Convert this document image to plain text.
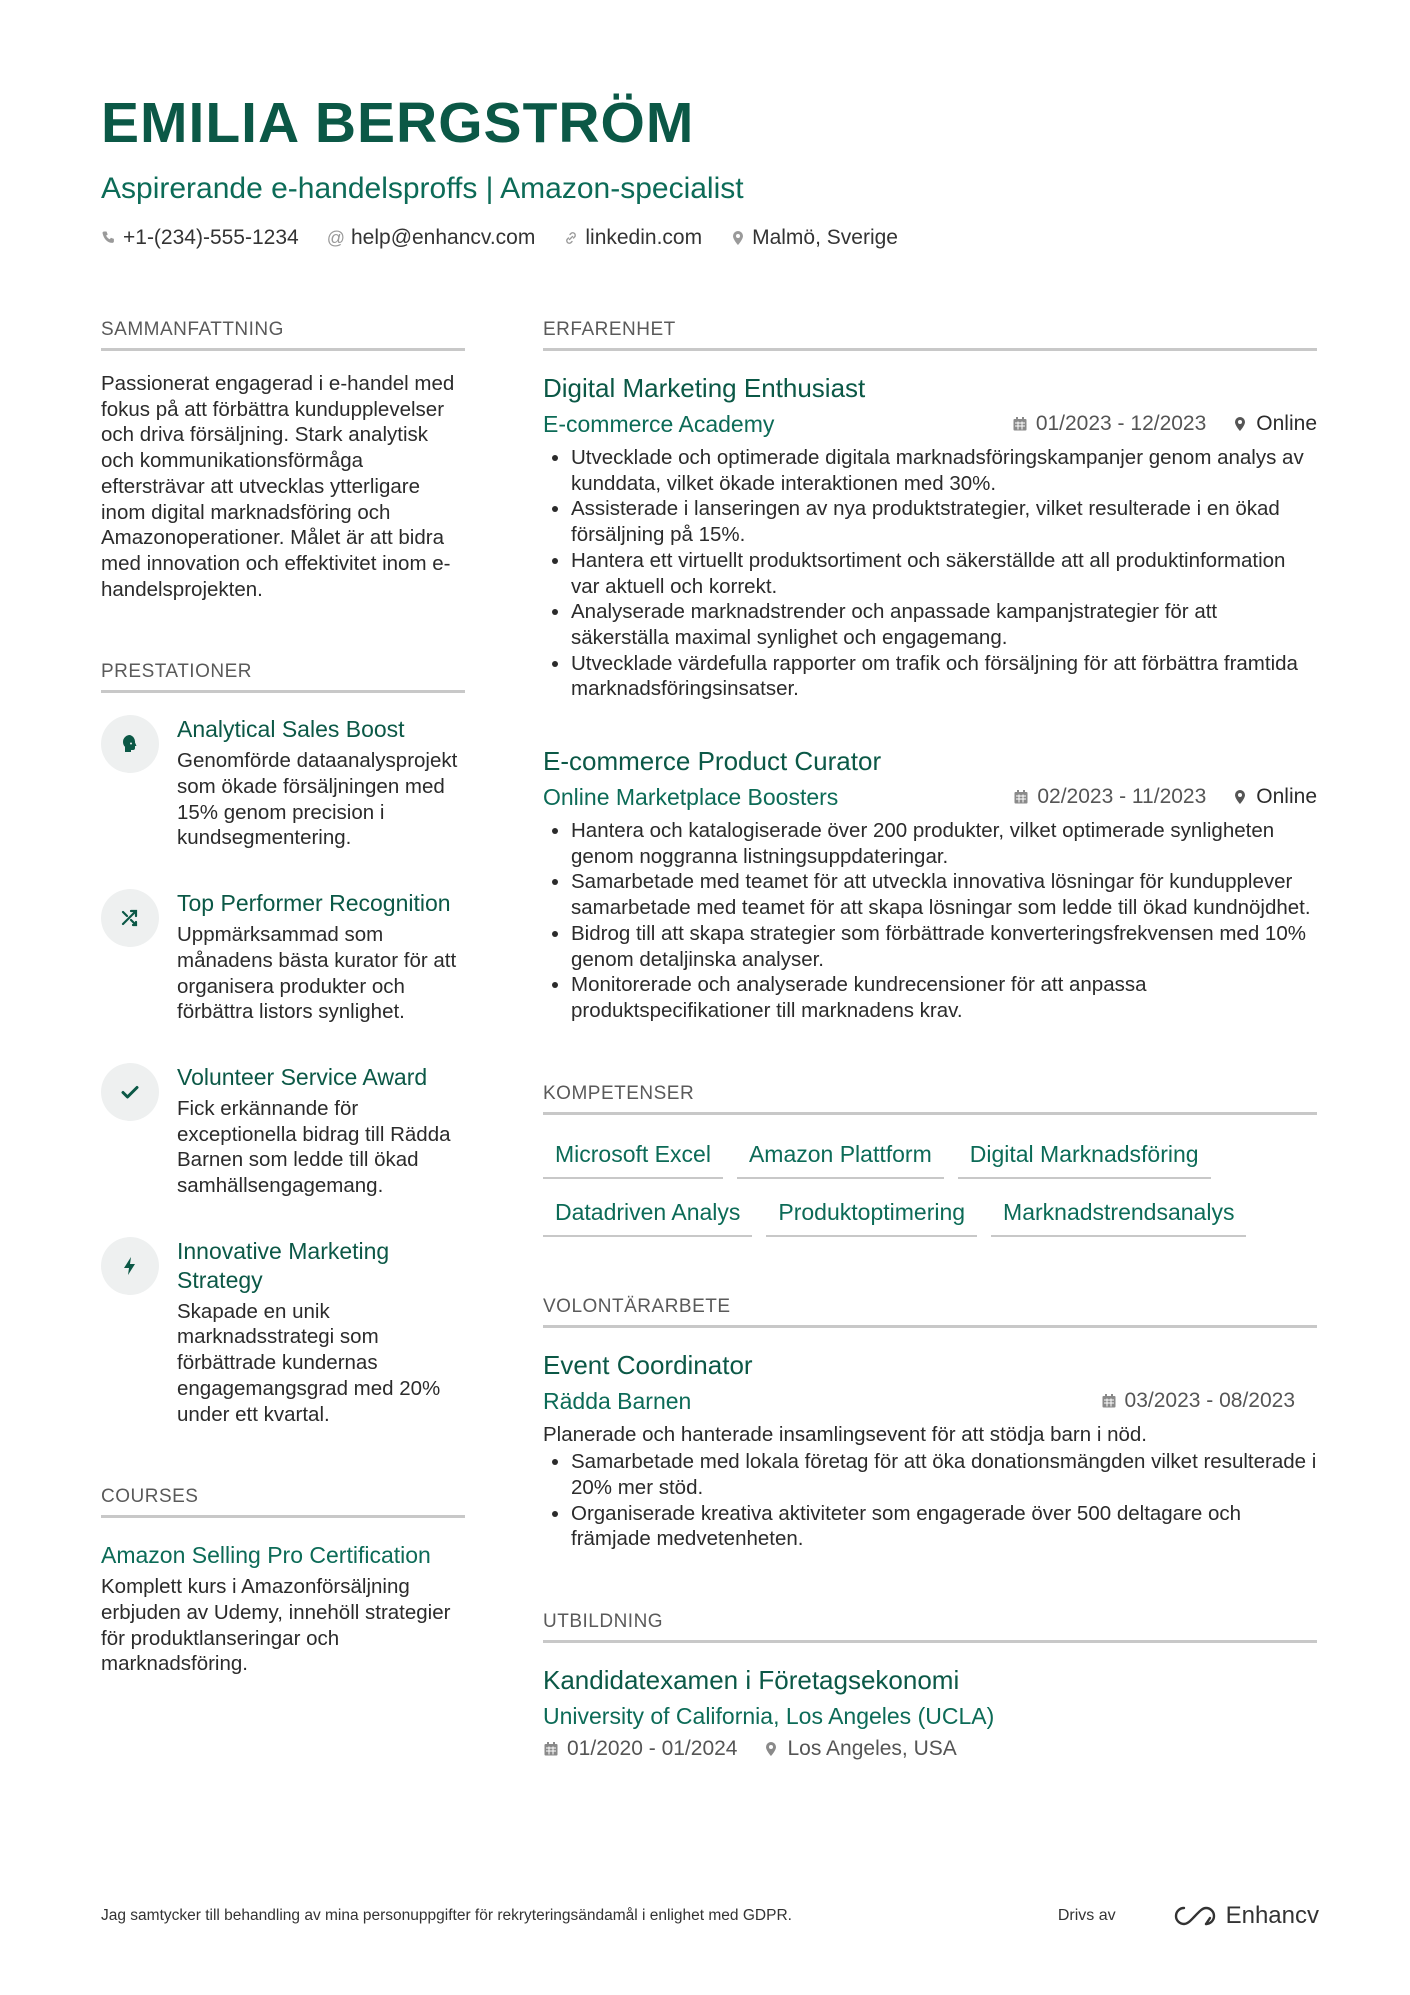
EMILIA BERGSTRÖM
Aspirerande e-handelsproffs | Amazon-specialist
+1-(234)-555-1234 @ help@enhancv.com linkedin.com Malmö, Sverige
SAMMANFATTNING
Passionerat engagerad i e-handel med fokus på att förbättra kundupplevelser och driva försäljning. Stark analytisk och kommunikationsförmåga eftersträvar att utvecklas ytterligare inom digital marknadsföring och Amazonoperationer. Målet är att bidra med innovation och effektivitet inom e-handelsprojekten.
PRESTATIONER
Analytical Sales Boost
Genomförde dataanalysprojekt som ökade försäljningen med 15% genom precision i kundsegmentering.
Top Performer Recognition
Uppmärksammad som månadens bästa kurator för att organisera produkter och förbättra listors synlighet.
Volunteer Service Award
Fick erkännande för exceptionella bidrag till Rädda Barnen som ledde till ökad samhällsengagemang.
Innovative Marketing Strategy
Skapade en unik marknadsstrategi som förbättrade kundernas engagemangsgrad med 20% under ett kvartal.
COURSES
Amazon Selling Pro Certification
Komplett kurs i Amazonförsäljning erbjuden av Udemy, innehöll strategier för produktlanseringar och marknadsföring.
ERFARENHET
Digital Marketing Enthusiast
E-commerce Academy	01/2023 - 12/2023 Online
• Utvecklade och optimerade digitala marknadsföringskampanjer genom analys av kunddata, vilket ökade interaktionen med 30%.
• Assisterade i lanseringen av nya produktstrategier, vilket resulterade i en ökad försäljning på 15%.
• Hantera ett virtuellt produktsortiment och säkerställde att all produktinformation var aktuell och korrekt.
• Analyserade marknadstrender och anpassade kampanjstrategier för att säkerställa maximal synlighet och engagemang.
• Utvecklade värdefulla rapporter om trafik och försäljning för att förbättra framtida marknadsföringsinsatser.
E-commerce Product Curator
Online Marketplace Boosters	02/2023 - 11/2023 Online
• Hantera och katalogiserade över 200 produkter, vilket optimerade synligheten genom noggranna listningsuppdateringar.
• Samarbetade med teamet för att utveckla innovativa lösningar för kundupplever samarbetade med teamet för att skapa lösningar som ledde till ökad kundnöjdhet.
• Bidrog till att skapa strategier som förbättrade konverteringsfrekvensen med 10% genom detaljinska analyser.
• Monitorerade och analyserade kundrecensioner för att anpassa produktspecifikationer till marknadens krav.
KOMPETENSER
Microsoft Excel	Amazon Plattform	Digital Marknadsföring
Datadriven Analys	Produktoptimering	Marknadstrendsanalys
VOLONTÄRARBETE
Event Coordinator
Rädda Barnen	03/2023 - 08/2023
Planerade och hanterade insamlingsevent för att stödja barn i nöd.
• Samarbetade med lokala företag för att öka donationsmängden vilket resulterade i 20% mer stöd.
• Organiserade kreativa aktiviteter som engagerade över 500 deltagare och främjade medvetenheten.
UTBILDNING
Kandidatexamen i Företagsekonomi
University of California, Los Angeles (UCLA)
01/2020 - 01/2024 Los Angeles, USA
Jag samtycker till behandling av mina personuppgifter för rekryteringsändamål i enlighet med GDPR.	Drivs av	Enhancv
